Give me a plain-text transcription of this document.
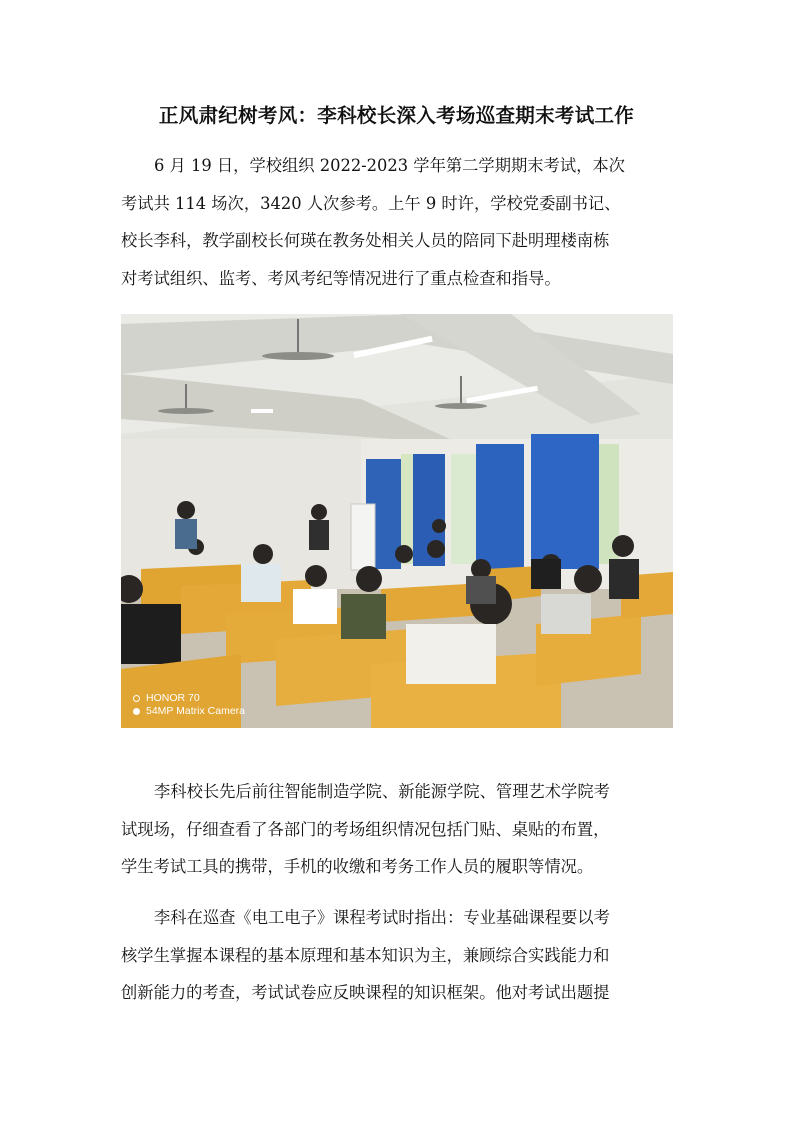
正风肃纪树考风：李科校长深入考场巡查期末考试工作
6 月 19 日，学校组织 2022-2023 学年第二学期期末考试，本次
考试共 114 场次，3420 人次参考。上午 9 时许，学校党委副书记、
校长李科，教学副校长何瑛在教务处相关人员的陪同下赴明理楼南栋
对考试组织、监考、考风考纪等情况进行了重点检查和指导。
HONOR 70
54MP Matrix Camera
李科校长先后前往智能制造学院、新能源学院、管理艺术学院考
试现场，仔细查看了各部门的考场组织情况包括门贴、桌贴的布置，
学生考试工具的携带，手机的收缴和考务工作人员的履职等情况。
李科在巡查《电工电子》课程考试时指出：专业基础课程要以考
核学生掌握本课程的基本原理和基本知识为主，兼顾综合实践能力和
创新能力的考查，考试试卷应反映课程的知识框架。他对考试出题提
